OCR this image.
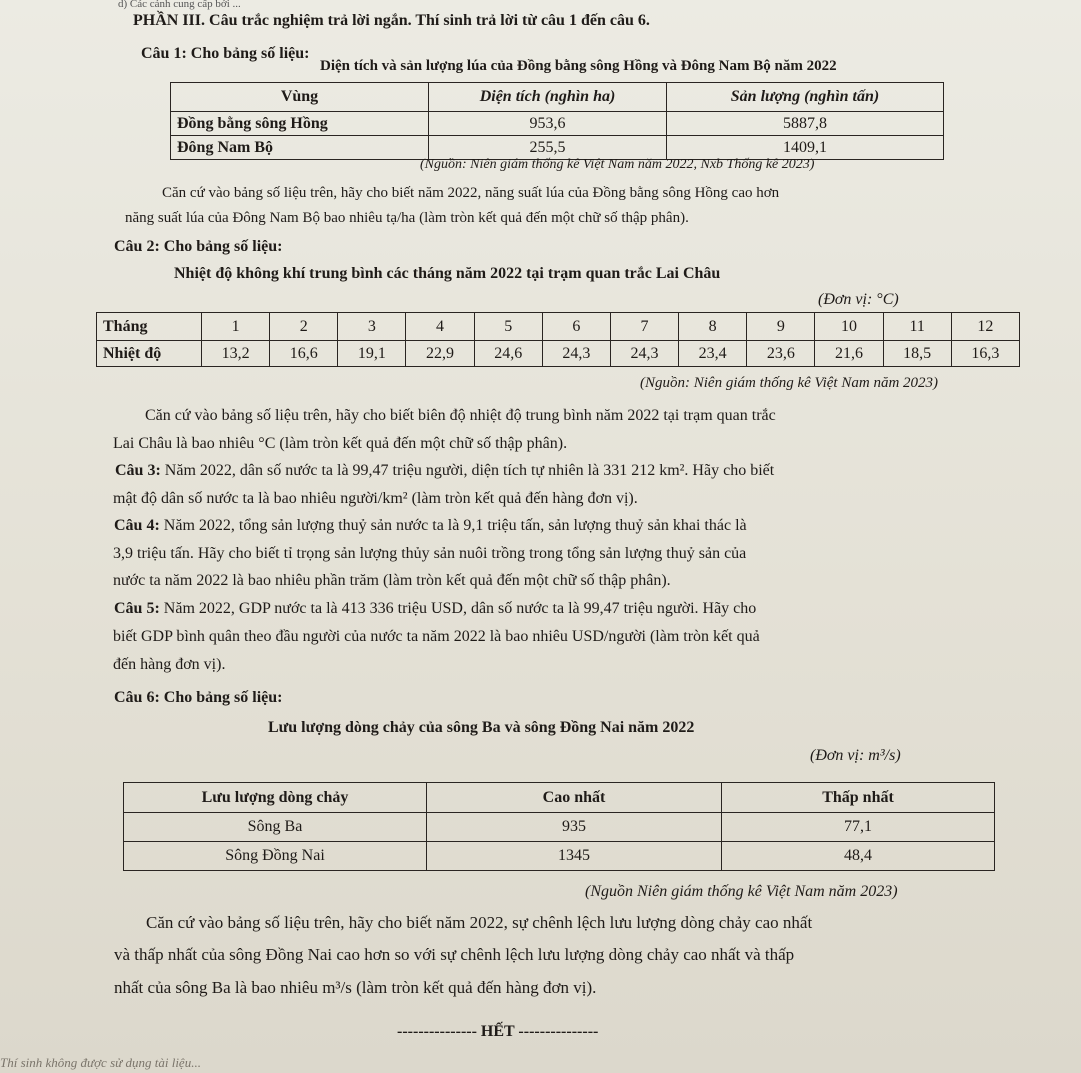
d) Các cảnh cung cấp bởi ...
PHẦN III. Câu trắc nghiệm trả lời ngắn. Thí sinh trả lời từ câu 1 đến câu 6.
Câu 1: Cho bảng số liệu:
Diện tích và sản lượng lúa của Đồng bằng sông Hồng và Đông Nam Bộ năm 2022
Vùng	Diện tích (nghìn ha)	Sản lượng (nghìn tấn)
Đồng bằng sông Hồng	953,6	5887,8
Đông Nam Bộ	255,5	1409,1
(Nguồn: Niên giám thống kê Việt Nam năm 2022, Nxb Thống kê 2023)
Căn cứ vào bảng số liệu trên, hãy cho biết năm 2022, năng suất lúa của Đồng bằng sông Hồng cao hơn
năng suất lúa của Đông Nam Bộ bao nhiêu tạ/ha (làm tròn kết quả đến một chữ số thập phân).
Câu 2: Cho bảng số liệu:
Nhiệt độ không khí trung bình các tháng năm 2022 tại trạm quan trắc Lai Châu
(Đơn vị: °C)
Tháng	1	2	3	4	5	6	7	8	9	10	11	12
Nhiệt độ	13,2	16,6	19,1	22,9	24,6	24,3	24,3	23,4	23,6	21,6	18,5	16,3
(Nguồn: Niên giám thống kê Việt Nam năm 2023)
Căn cứ vào bảng số liệu trên, hãy cho biết biên độ nhiệt độ trung bình năm 2022 tại trạm quan trắc
Lai Châu là bao nhiêu °C (làm tròn kết quả đến một chữ số thập phân).
Câu 3: Năm 2022, dân số nước ta là 99,47 triệu người, diện tích tự nhiên là 331 212 km². Hãy cho biết
mật độ dân số nước ta là bao nhiêu người/km² (làm tròn kết quả đến hàng đơn vị).
Câu 4: Năm 2022, tổng sản lượng thuỷ sản nước ta là 9,1 triệu tấn, sản lượng thuỷ sản khai thác là
3,9 triệu tấn. Hãy cho biết tỉ trọng sản lượng thủy sản nuôi trồng trong tổng sản lượng thuỷ sản của
nước ta năm 2022 là bao nhiêu phần trăm (làm tròn kết quả đến một chữ số thập phân).
Câu 5: Năm 2022, GDP nước ta là 413 336 triệu USD, dân số nước ta là 99,47 triệu người. Hãy cho
biết GDP bình quân theo đầu người của nước ta năm 2022 là bao nhiêu USD/người (làm tròn kết quả
đến hàng đơn vị).
Câu 6: Cho bảng số liệu:
Lưu lượng dòng chảy của sông Ba và sông Đồng Nai năm 2022
(Đơn vị: m³/s)
Lưu lượng dòng chảy	Cao nhất	Thấp nhất
Sông Ba	935	77,1
Sông Đồng Nai	1345	48,4
(Nguồn Niên giám thống kê Việt Nam năm 2023)
Căn cứ vào bảng số liệu trên, hãy cho biết năm 2022, sự chênh lệch lưu lượng dòng chảy cao nhất
và thấp nhất của sông Đồng Nai cao hơn so với sự chênh lệch lưu lượng dòng chảy cao nhất và thấp
nhất của sông Ba là bao nhiêu m³/s (làm tròn kết quả đến hàng đơn vị).
--------------- HẾT ---------------
Thí sinh không được sử dụng tài liệu...
